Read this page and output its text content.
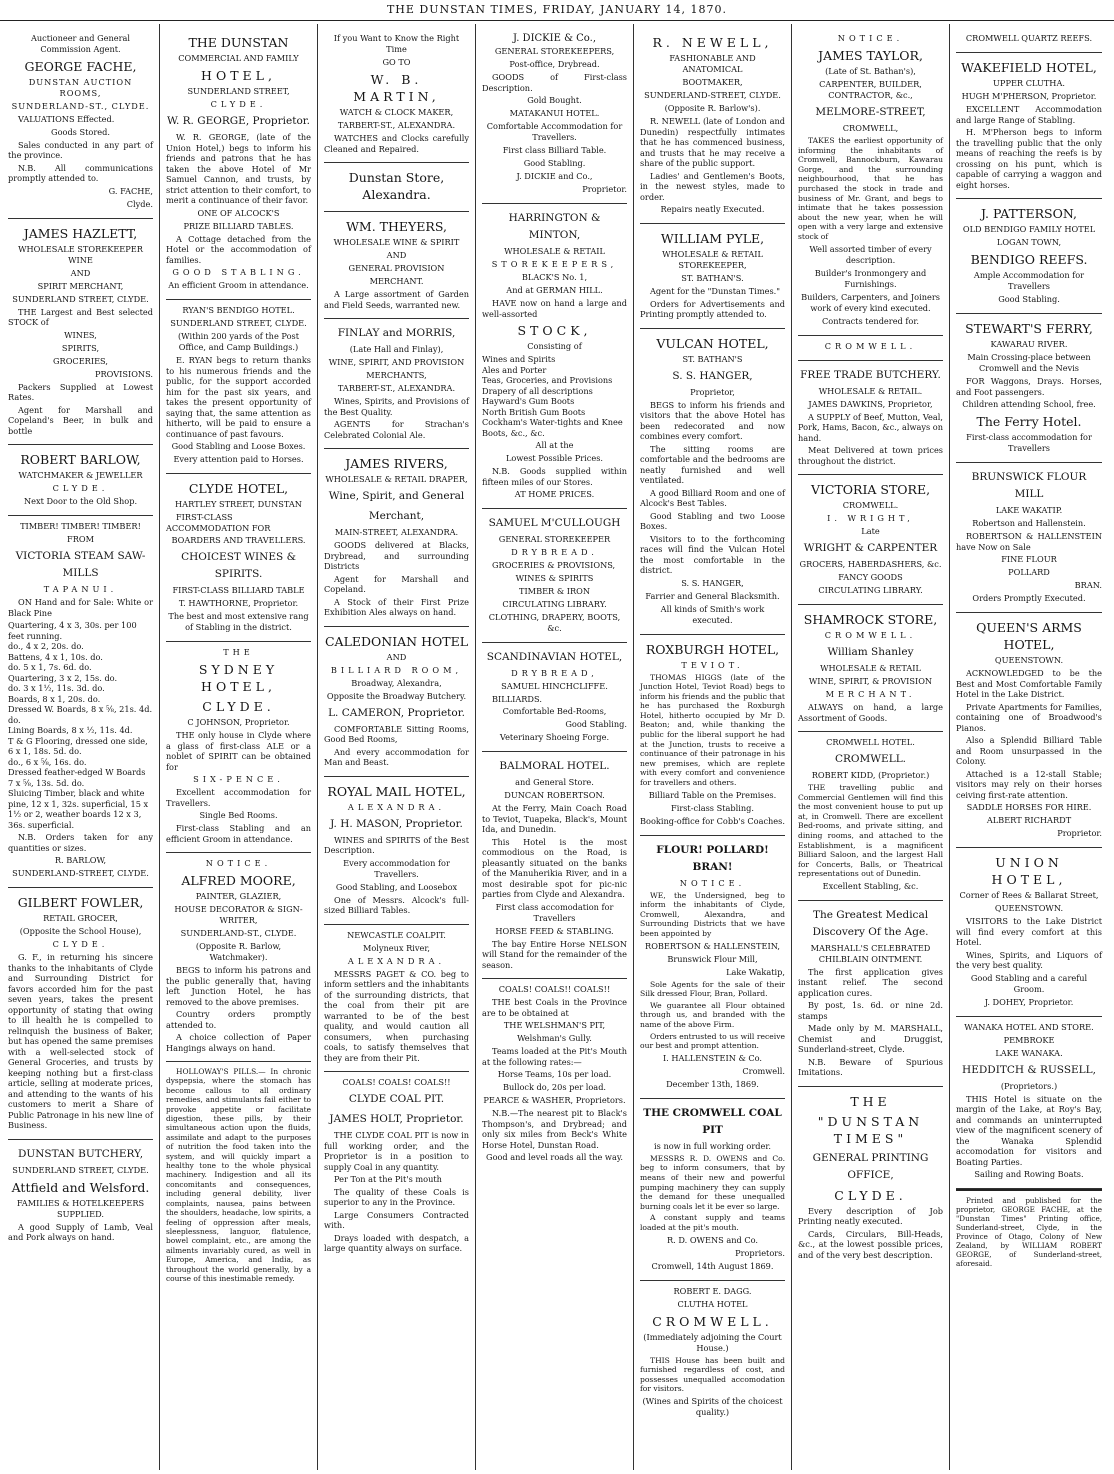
THE DUNSTAN TIMES, FRIDAY, JANUARY 14, 1870.
Auctioneer and General Commission Agent.
GEORGE FACHE,
DUNSTAN AUCTION ROOMS,
SUNDERLAND-ST., CLYDE.

VALUATIONS Effected.

Goods Stored.

Sales conducted in any part of the province.

N.B. All communications promptly attended to.

G. FACHE,
Clyde.
JAMES HAZLETT,
WHOLESALE STOREKEEPER WINE
AND
SPIRIT MERCHANT,
SUNDERLAND STREET, CLYDE.

THE Largest and Best selected STOCK of

WINES,
SPIRITS,
GROCERIES,
PROVISIONS.

Packers Supplied at Lowest Rates.

Agent for Marshall and Copeland's Beer, in bulk and bottle

ROBERT BARLOW,
WATCHMAKER & JEWELLER
CLYDE.
Next Door to the Old Shop.
TIMBER! TIMBER! TIMBER!
FROM
VICTORIA STEAM SAW-MILLS
TAPANUI.

ON Hand and for Sale: White or Black Pine

Quartering, 4 x 3, 30s. per 100 feet running.
do., 4 x 2, 20s. do.
Battens, 4 x 1, 10s. do.
do. 5 x 1, 7s. 6d. do.
Quartering, 3 x 2, 15s. do.
do. 3 x 1½, 11s. 3d. do.
Boards, 8 x 1, 20s. do.
Dressed W. Boards, 8 x ⅝, 21s. 4d. do.
Lining Boards, 8 x ½, 11s. 4d.
T & G Flooring, dressed one side, 6 x 1, 18s. 5d. do.
do., 6 x ⅝, 16s. do.
Dressed feather-edged W Boards 7 x ⅝, 13s. 5d. do.
Sluicing Timber, black and white pine, 12 x 1, 32s. superficial, 15 x 1½ or 2, weather boards 12 x 3, 36s. superficial.

N.B. Orders taken for any quantities or sizes.

R. BARLOW,
SUNDERLAND-STREET, CLYDE.
GILBERT FOWLER,
RETAIL GROCER,
(Opposite the School House),
CLYDE.

G. F., in returning his sincere thanks to the inhabitants of Clyde and Surrounding District for favors accorded him for the past seven years, takes the present opportunity of stating that owing to ill health he is compelled to relinquish the business of Baker, but has opened the same premises with a well-selected stock of General Groceries, and trusts by keeping nothing but a first-class article, selling at moderate prices, and attending to the wants of his customers to merit a Share of Public Patronage in his new line of Business.

DUNSTAN BUTCHERY,
SUNDERLAND STREET, CLYDE.
Attfield and Welsford.
FAMILIES & HOTELKEEPERS SUPPLIED.

A good Supply of Lamb, Veal and Pork always on hand.

THE DUNSTAN
COMMERCIAL AND FAMILY
HOTEL,
SUNDERLAND STREET,
CLYDE.
W. R. GEORGE, Proprietor.

W. R. GEORGE, (late of the Union Hotel,) begs to inform his friends and patrons that he has taken the above Hotel of Mr Samuel Cannon, and trusts, by strict attention to their comfort, to merit a continuance of their favor.

ONE OF ALCOCK'S
PRIZE BILLIARD TABLES.

A Cottage detached from the Hotel or the accommodation of families.

GOOD STABLING.
An efficient Groom in attendance.
RYAN'S BENDIGO HOTEL.
SUNDERLAND STREET, CLYDE.
(Within 200 yards of the Post Office, and Camp Buildings.)

E. RYAN begs to return thanks to his numerous friends and the public, for the support accorded him for the past six years, and takes the present opportunity of saying that, the same attention as hitherto, will be paid to ensure a continuance of past favours.

Good Stabling and Loose Boxes.
Every attention paid to Horses.
CLYDE HOTEL,
HARTLEY STREET, DUNSTAN

FIRST-CLASS ACCOMMODATION FOR

BOARDERS AND TRAVELLERS.
CHOICEST WINES & SPIRITS.
FIRST-CLASS BILLIARD TABLE
T. HAWTHORNE, Proprietor.
The best and most extensive rang of Stabling in the district.
THE
SYDNEY HOTEL,
CLYDE.
C JOHNSON, Proprietor.

THE only house in Clyde where a glass of first-class ALE or a noblet of SPIRIT can be obtained for

SIX-PENCE.

Excellent accommodation for Travellers.

Single Bed Rooms.

First-class Stabling and an efficient Groom in attendance.

NOTICE.
ALFRED MOORE,
PAINTER, GLAZIER,
HOUSE DECORATOR & SIGN-WRITER,
SUNDERLAND-ST., CLYDE.
(Opposite R. Barlow, Watchmaker).

BEGS to inform his patrons and the public generally that, having left Junction Hotel, he has removed to the above premises.

Country orders promptly attended to.

A choice collection of Paper Hangings always on hand.

HOLLOWAY'S PILLS.— In chronic dyspepsia, where the stomach has become callous to all ordinary remedies, and stimulants fail either to provoke appetite or facilitate digestion, these pills, by their simultaneous action upon the fluids, assimilate and adapt to the purposes of nutrition the food taken into the system, and will quickly impart a healthy tone to the whole physical machinery. Indigestion and all its concomitants and consequences, including general debility, liver complaints, nausea, pains between the shoulders, headache, low spirits, a feeling of oppression after meals, sleeplessness, languor, flatulence, bowel complaint, etc., are among the ailments invariably cured, as well in Europe, America, and India, as throughout the world generally, by a course of this inestimable remedy.

If you Want to Know the Right Time
GO TO
W. B. MARTIN,
WATCH & CLOCK MAKER,
TARBERT-ST., ALEXANDRA.

WATCHES and Clocks carefully Cleaned and Repaired.

Dunstan Store, Alexandra.
WM. THEYERS,
WHOLESALE WINE & SPIRIT
AND
GENERAL PROVISION
MERCHANT.

A Large assortment of Garden and Field Seeds, warranted new.

FINLAY and MORRIS,
(Late Hall and Finlay),
WINE, SPIRIT, AND PROVISION
MERCHANTS,
TARBERT-ST., ALEXANDRA.

Wines, Spirits, and Provisions of the Best Quality.

AGENTS for Strachan's Celebrated Colonial Ale.

JAMES RIVERS,
WHOLESALE & RETAIL DRAPER,
Wine, Spirit, and General
Merchant,
MAIN-STREET, ALEXANDRA.

GOODS delivered at Blacks, Drybread, and surrounding Districts

Agent for Marshall and Copeland.

A Stock of their First Prize Exhibition Ales always on hand.

CALEDONIAN HOTEL
AND
BILLIARD ROOM,
Broadway, Alexandra,
Opposite the Broadway Butchery.
L. CAMERON, Proprietor.

COMFORTABLE Sitting Rooms, Good Bed Rooms,

And every accommodation for Man and Beast.

ROYAL MAIL HOTEL,
ALEXANDRA.
J. H. MASON, Proprietor.

WINES and SPIRITS of the Best Description.

Every accommodation for Travellers.
Good Stabling, and Loosebox

One of Messrs. Alcock's full-sized Billiard Tables.

NEWCASTLE COALPIT.
Molyneux River,
ALEXANDRA.

MESSRS PAGET & CO. beg to inform settlers and the inhabitants of the surrounding districts, that the coal from their pit are warranted to be of the best quality, and would caution all consumers, when purchasing coals, to satisfy themselves that they are from their Pit.

COALS! COALS! COALS!!
CLYDE COAL PIT.
JAMES HOLT, Proprietor.

THE CLYDE COAL PIT is now in full working order, and the Proprietor is in a position to supply Coal in any quantity.

Per Ton at the Pit's mouth

The quality of these Coals is superior to any in the Province.

Large Consumers Contracted with.

Drays loaded with despatch, a large quantity always on surface.

J. DICKIE & Co.,
GENERAL STOREKEEPERS,
Post-office, Drybread.

GOODS of First-class Description.

Gold Bought.
MATAKANUI HOTEL.
Comfortable Accommodation for Travellers.
First class Billiard Table.
Good Stabling.
J. DICKIE and Co.,
Proprietor.
HARRINGTON & MINTON,
WHOLESALE & RETAIL
STOREKEEPERS,
BLACK'S No. 1,
And at GERMAN HILL.

HAVE now on hand a large and well-assorted

STOCK,
Consisting of
Wines and Spirits
Ales and Porter
Teas, Groceries, and Provisions
Drapery of all descriptions
Hayward's Gum Boots
North British Gum Boots
Cockham's Water-tights and Knee Boots, &c., &c.
All at the
Lowest Possible Prices.

N.B. Goods supplied within fifteen miles of our Stores.

AT HOME PRICES.
SAMUEL M'CULLOUGH
GENERAL STOREKEEPER
DRYBREAD.

GROCERIES & PROVISIONS,

WINES & SPIRITS
TIMBER & IRON
CIRCULATING LIBRARY.
CLOTHING, DRAPERY, BOOTS, &c.
SCANDINAVIAN HOTEL,
DRYBREAD,
SAMUEL HINCHCLIFFE.

BILLIARDS.

Comfortable Bed-Rooms,
Good Stabling.
Veterinary Shoeing Forge.
BALMORAL HOTEL.
and General Store.
DUNCAN ROBERTSON.

At the Ferry, Main Coach Road to Teviot, Tuapeka, Black's, Mount Ida, and Dunedin.

This Hotel is the most commodious on the Road, is pleasantly situated on the banks of the Manuherikia River, and in a most desirable spot for pic-nic parties from Clyde and Alexandra.

First class accomodation for Travellers
HORSE FEED & STABLING.

The bay Entire Horse NELSON will Stand for the remainder of the season.

COALS! COALS!! COALS!!

THE best Coals in the Province are to be obtained at

THE WELSHMAN'S PIT,
Welshman's Gully.

Teams loaded at the Pit's Mouth at the following rates:—

Horse Teams, 10s per load.
Bullock do, 20s per load.
PEARCE & WASHER, Proprietors.

N.B.—The nearest pit to Black's Thompson's, and Drybread; and only six miles from Beck's White Horse Hotel, Dunstan Road.

Good and level roads all the way.
R. NEWELL,
FASHIONABLE AND ANATOMICAL
BOOTMAKER,
SUNDERLAND-STREET, CLYDE.
(Opposite R. Barlow's).

R. NEWELL (late of London and Dunedin) respectfully intimates that he has commenced business, and trusts that he may receive a share of the public support.

Ladies' and Gentlemen's Boots, in the newest styles, made to order.

Repairs neatly Executed.
WILLIAM PYLE,
WHOLESALE & RETAIL STOREKEEPER,
ST. BATHAN'S.

Agent for the "Dunstan Times."

Orders for Advertisements and Printing promptly attended to.

VULCAN HOTEL,
ST. BATHAN'S
S. S. HANGER,
Proprietor,

BEGS to inform his friends and visitors that the above Hotel has been redecorated and now combines every comfort.

The sitting rooms are comfortable and the bedrooms are neatly furnished and well ventilated.

A good Billiard Room and one of Alcock's Best Tables.

Good Stabling and two Loose Boxes.

Visitors to to the forthcoming races will find the Vulcan Hotel the most comfortable in the district.

S. S. HANGER,
Farrier and General Blacksmith.
All kinds of Smith's work executed.
ROXBURGH HOTEL,
TEVIOT.

THOMAS HIGGS (late of the Junction Hotel, Teviot Road) begs to inform his friends and the public that he has purchased the Roxburgh Hotel, hitherto occupied by Mr D. Beaton; and, while thanking the public for the liberal support he had at the Junction, trusts to receive a continuance of their patronage in his new premises, which are replete with every comfort and convenience for travellers and others.

Billiard Table on the Premises.
First-class Stabling.
Booking-office for Cobb's Coaches.
FLOUR! POLLARD! BRAN!
NOTICE.

WE, the Undersigned, beg to inform the inhabitants of Clyde, Cromwell, Alexandra, and Surrounding Districts that we have been appointed by

ROBERTSON & HALLENSTEIN,
Brunswick Flour Mill,
Lake Wakatip,

Sole Agents for the sale of their Silk dressed Flour, Bran, Pollard.

We guarantee all Flour obtained through us, and branded with the name of the above Firm.

Orders entrusted to us will receive our best and prompt attention.

I. HALLENSTEIN & Co.
Cromwell.
December 13th, 1869.
THE CROMWELL COAL PIT
is now in full working order.

MESSRS R. D. OWENS and Co. beg to inform consumers, that by means of their new and powerful pumping machinery they can supply the demand for these unequalled burning coals let it be ever so large.

A constant supply and teams loaded at the pit's mouth.

R. D. OWENS and Co.
Proprietors.
Cromwell, 14th August 1869.
ROBERT E. DAGG.
CLUTHA HOTEL
CROMWELL.
(Immediately adjoining the Court House.)

THIS House has been built and furnished regardless of cost, and possesses unequalled accomodation for visitors.

(Wines and Spirits of the choicest quality.)
NOTICE.
JAMES TAYLOR,
(Late of St. Bathan's),
CARPENTER, BUILDER, CONTRACTOR, &c.,
MELMORE-STREET,
CROMWELL,

TAKES the earliest opportunity of informing the inhabitants of Cromwell, Bannockburn, Kawarau Gorge, and the surrounding neighbourhood, that he has purchased the stock in trade and business of Mr. Grant, and begs to intimate that he takes possession about the new year, when he will open with a very large and extensive stock of

Well assorted timber of every description.
Builder's Ironmongery and Furnishings.
Builders, Carpenters, and Joiners work of every kind executed.
Contracts tendered for.
CROMWELL.
FREE TRADE BUTCHERY.
WHOLESALE & RETAIL.
JAMES DAWKINS, Proprietor,

A SUPPLY of Beef, Mutton, Veal, Pork, Hams, Bacon, &c., always on hand.

Meat Delivered at town prices throughout the district.

VICTORIA STORE,
CROMWELL.
I. WRIGHT,
Late
WRIGHT & CARPENTER
GROCERS, HABERDASHERS, &c.
FANCY GOODS
CIRCULATING LIBRARY.
SHAMROCK STORE,
CROMWELL.
William Shanley
WHOLESALE & RETAIL
WINE, SPIRIT, & PROVISION
MERCHANT.

ALWAYS on hand, a large Assortment of Goods.

CROMWELL HOTEL.
CROMWELL.
ROBERT KIDD, (Proprietor.)

THE travelling public and Commercial Gentlemen will find this the most convenient house to put up at, in Cromwell. There are excellent Bed-rooms, and private sitting, and dining rooms, and attached to the Establishment, is a magnificent Billiard Saloon, and the largest Hall for Concerts, Balls, or Theatrical representations out of Dunedin.

Excellent Stabling, &c.
The Greatest Medical Discovery Of the Age.
MARSHALL'S CELEBRATED CHILBLAIN OINTMENT.

The first application gives instant relief. The second application cures.

By post, 1s. 6d. or nine 2d. stamps

Made only by M. MARSHALL, Chemist and Druggist, Sunderland-street, Clyde.

N.B. Beware of Spurious Imitations.

THE
"DUNSTAN TIMES"
GENERAL PRINTING OFFICE,
CLYDE.

Every description of Job Printing neatly executed.

Cards, Circulars, Bill-Heads, &c., at the lowest possible prices, and of the very best description.

CROMWELL QUARTZ REEFS.
WAKEFIELD HOTEL,
UPPER CLUTHA.
HUGH M'PHERSON, Proprietor.

EXCELLENT Accommodation and large Range of Stabling.

H. M'Pherson begs to inform the travelling public that the only means of reaching the reefs is by crossing on his punt, which is capable of carrying a waggon and eight horses.

J. PATTERSON,
OLD BENDIGO FAMILY HOTEL
LOGAN TOWN,
BENDIGO REEFS.
Ample Accommodation for Travellers
Good Stabling.
STEWART'S FERRY,
KAWARAU RIVER.
Main Crossing-place between Cromwell and the Nevis

FOR Waggons, Drays. Horses, and Foot passengers.

Children attending School, free.
The Ferry Hotel.
First-class accommodation for Travellers
BRUNSWICK FLOUR MILL
LAKE WAKATIP.
Robertson and Hallenstein.

ROBERTSON & HALLENSTEIN have Now on Sale

FINE FLOUR
POLLARD
BRAN.
Orders Promptly Executed.
QUEEN'S ARMS HOTEL,
QUEENSTOWN.

ACKNOWLEDGED to be the Best and Most Comfortable Family Hotel in the Lake District.

Private Apartments for Families, containing one of Broadwood's Pianos.

Also a Splendid Billiard Table and Room unsurpassed in the Colony.

Attached is a 12-stall Stable; visitors may rely on their horses ceiving first-rate attention.

SADDLE HORSES FOR HIRE.
ALBERT RICHARDT
Proprietor.
UNION HOTEL,
Corner of Rees & Ballarat Street,
QUEENSTOWN.

VISITORS to the Lake District will find every comfort at this Hotel.

Wines, Spirits, and Liquors of the very best quality.

Good Stabling and a careful Groom.
J. DOHEY, Proprietor.
WANAKA HOTEL AND STORE.
PEMBROKE
LAKE WANAKA.
HEDDITCH & RUSSELL,
(Proprietors.)

THIS Hotel is situate on the margin of the Lake, at Roy's Bay, and commands an uninterrupted view of the magnificent scenery of the Wanaka Splendid accomodation for visitors and Boating Parties.

Sailing and Rowing Boats.

Printed and published for the proprietor, GEORGE FACHE, at the "Dunstan Times" Printing office, Sunderland-street, Clyde, in the Province of Otago, Colony of New Zealand, by WILLIAM ROBERT GEORGE, of Sunderland-street, aforesaid.
